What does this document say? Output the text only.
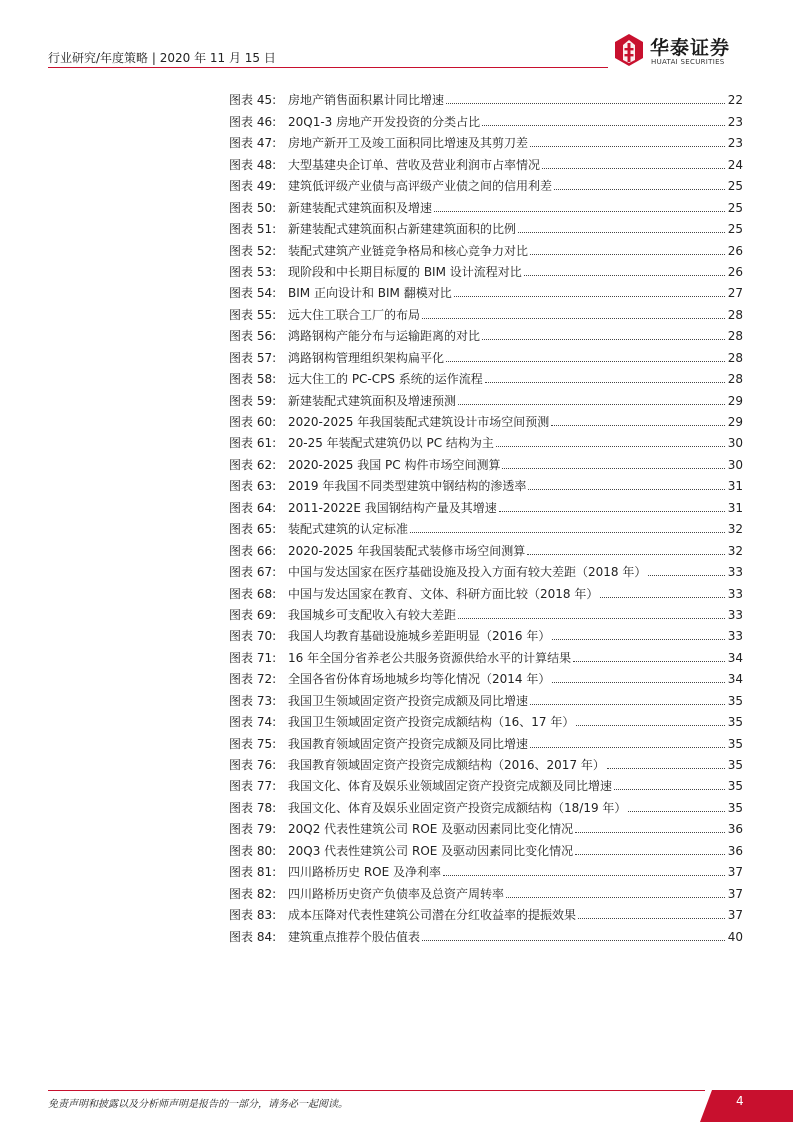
行业研究/年度策略 | 2020 年 11 月 15 日	华泰证券
HUATAI SECURITIES
图表 45: 房地产销售面积累计同比增速	22
图表 46: 20Q1-3 房地产开发投资的分类占比	23
图表 47: 房地产新开工及竣工面积同比增速及其剪刀差	23
图表 48: 大型基建央企订单、营收及营业利润市占率情况	24
图表 49: 建筑低评级产业债与高评级产业债之间的信用利差	25
图表 50: 新建装配式建筑面积及增速	25
图表 51: 新建装配式建筑面积占新建建筑面积的比例	25
图表 52: 装配式建筑产业链竞争格局和核心竞争力对比	26
图表 53: 现阶段和中长期目标厦的 BIM 设计流程对比	26
图表 54: BIM 正向设计和 BIM 翻模对比	27
图表 55: 远大住工联合工厂的布局	28
图表 56: 鸿路钢构产能分布与运输距离的对比	28
图表 57: 鸿路钢构管理组织架构扁平化	28
图表 58: 远大住工的 PC-CPS 系统的运作流程	28
图表 59: 新建装配式建筑面积及增速预测	29
图表 60: 2020-2025 年我国装配式建筑设计市场空间预测	29
图表 61: 20-25 年装配式建筑仍以 PC 结构为主	30
图表 62: 2020-2025 我国 PC 构件市场空间测算	30
图表 63: 2019 年我国不同类型建筑中钢结构的渗透率	31
图表 64: 2011-2022E 我国钢结构产量及其增速	31
图表 65: 装配式建筑的认定标准	32
图表 66: 2020-2025 年我国装配式装修市场空间测算	32
图表 67: 中国与发达国家在医疗基础设施及投入方面有较大差距（2018 年）	33
图表 68: 中国与发达国家在教育、文体、科研方面比较（2018 年）	33
图表 69: 我国城乡可支配收入有较大差距	33
图表 70: 我国人均教育基础设施城乡差距明显（2016 年）	33
图表 71: 16 年全国分省养老公共服务资源供给水平的计算结果	34
图表 72: 全国各省份体育场地城乡均等化情况（2014 年）	34
图表 73: 我国卫生领域固定资产投资完成额及同比增速	35
图表 74: 我国卫生领域固定资产投资完成额结构（16、17 年）	35
图表 75: 我国教育领域固定资产投资完成额及同比增速	35
图表 76: 我国教育领域固定资产投资完成额结构（2016、2017 年）	35
图表 77: 我国文化、体育及娱乐业领域固定资产投资完成额及同比增速	35
图表 78: 我国文化、体育及娱乐业固定资产投资完成额结构（18/19 年）	35
图表 79: 20Q2 代表性建筑公司 ROE 及驱动因素同比变化情况	36
图表 80: 20Q3 代表性建筑公司 ROE 及驱动因素同比变化情况	36
图表 81: 四川路桥历史 ROE 及净利率	37
图表 82: 四川路桥历史资产负债率及总资产周转率	37
图表 83: 成本压降对代表性建筑公司潜在分红收益率的提振效果	37
图表 84: 建筑重点推荐个股估值表	40
免责声明和披露以及分析师声明是报告的一部分，请务必一起阅读。	4
